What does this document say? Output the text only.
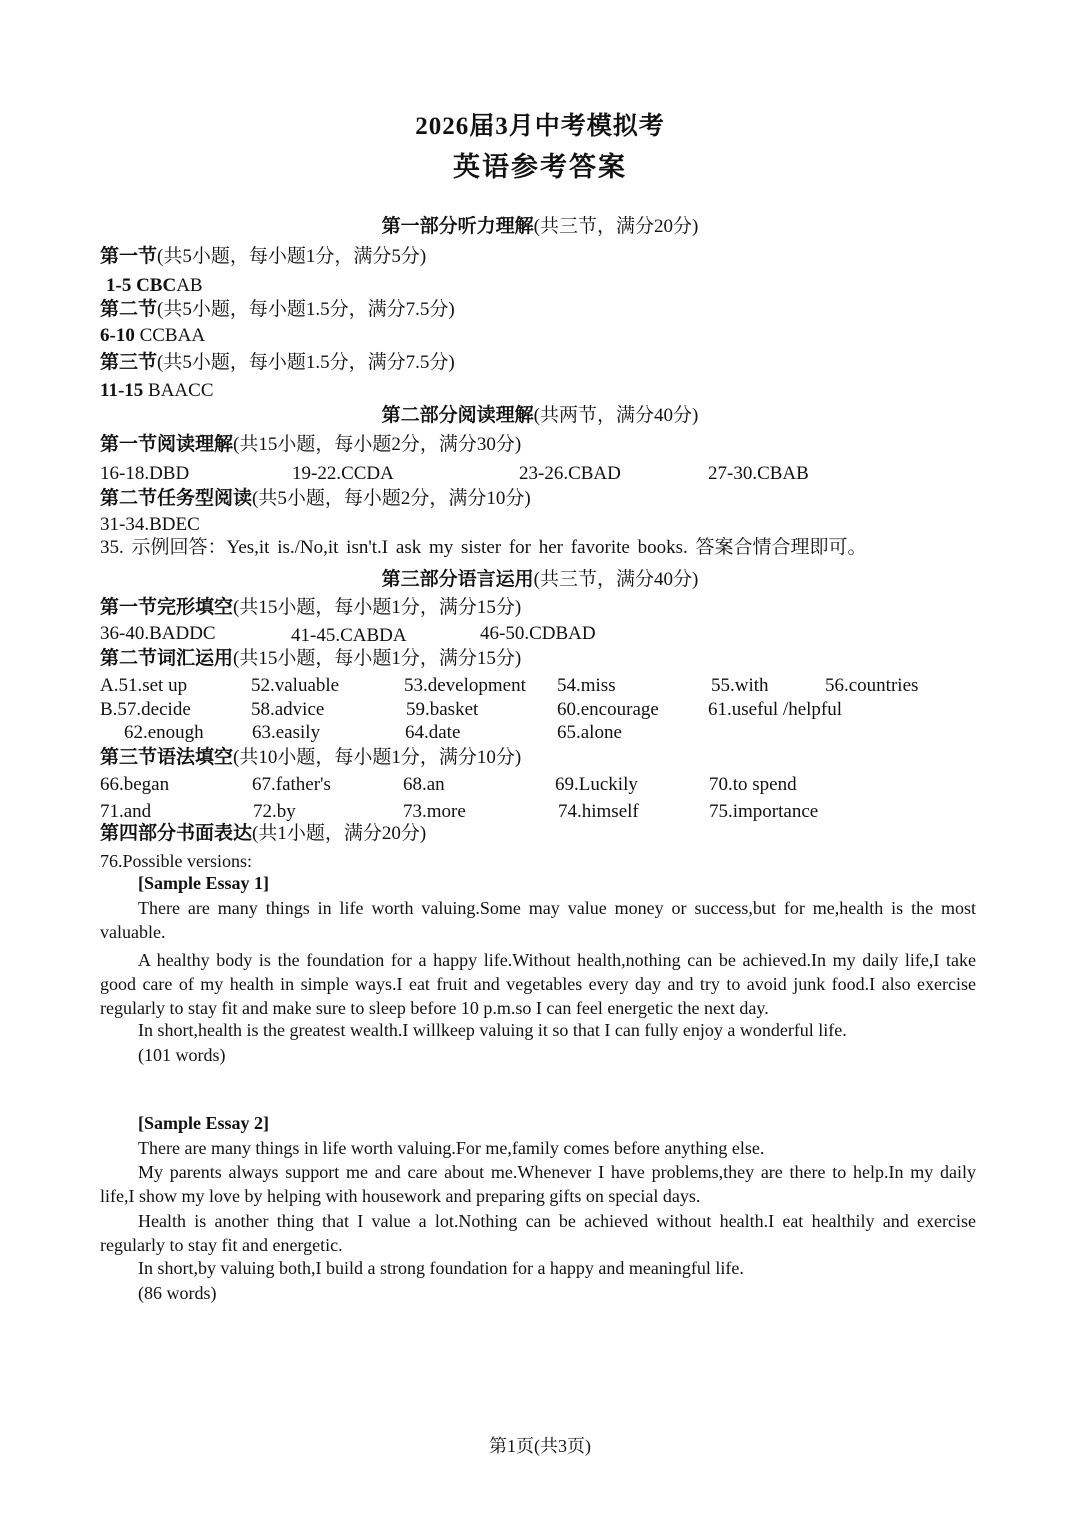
2026届3月中考模拟考
英语参考答案
第一部分听力理解(共三节，满分20分)
第一节(共5小题，每小题1分，满分5分)
1-5 CBCAB
第二节(共5小题，每小题1.5分，满分7.5分)
6-10 CCBAA
第三节(共5小题，每小题1.5分，满分7.5分)
11-15 BAACC
第二部分阅读理解(共两节，满分40分)
第一节阅读理解(共15小题，每小题2分，满分30分)
16-18.DBD	19-22.CCDA	23-26.CBAD	27-30.CBAB
第二节任务型阅读(共5小题，每小题2分，满分10分)
31-34.BDEC
35. 示例回答：Yes,it is./No,it isn't.I ask my sister for her favorite books. 答案合情合理即可。
第三部分语言运用(共三节，满分40分)
第一节完形填空(共15小题，每小题1分，满分15分)
36-40.BADDC	41-45.CABDA	46-50.CDBAD
第二节词汇运用(共15小题，每小题1分，满分15分)
A.51.set up	52.valuable	53.development 54.miss	55.with	56.countries
B.57.decide	58.advice	59.basket	60.encourage	61.useful /helpful
62.enough	63.easily	64.date	65.alone
第三节语法填空(共10小题，每小题1分，满分10分)
66.began	67.father's	68.an	69.Luckily	70.to spend
71.and	72.by	73.more	74.himself	75.importance
第四部分书面表达(共1小题，满分20分)
76.Possible versions:
[Sample Essay 1]

There are many things in life worth valuing.Some may value money or success,but for me,health is the most valuable.

A healthy body is the foundation for a happy life.Without health,nothing can be achieved.In my daily life,I take good care of my health in simple ways.I eat fruit and vegetables every day and try to avoid junk food.I also exercise regularly to stay fit and make sure to sleep before 10 p.m.so I can feel energetic the next day.

In short,health is the greatest wealth.I willkeep valuing it so that I can fully enjoy a wonderful life.

(101 words)
[Sample Essay 2]

There are many things in life worth valuing.For me,family comes before anything else.

My parents always support me and care about me.Whenever I have problems,they are there to help.In my daily life,I show my love by helping with housework and preparing gifts on special days.

Health is another thing that I value a lot.Nothing can be achieved without health.I eat healthily and exercise regularly to stay fit and energetic.

In short,by valuing both,I build a strong foundation for a happy and meaningful life.

(86 words)
第1页(共3页)
